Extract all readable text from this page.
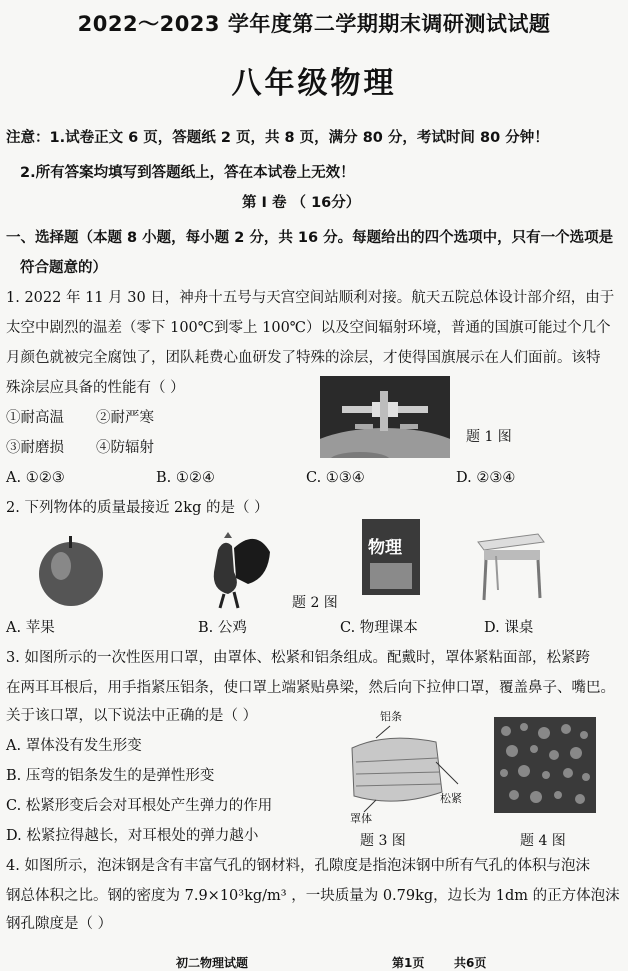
2022～2023 学年度第二学期期末调研测试试题
八年级物理
注意：1.试卷正文 6 页，答题纸 2 页，共 8 页，满分 80 分，考试时间 80 分钟！
2.所有答案均填写到答题纸上，答在本试卷上无效！
第 I 卷 （ 16分）
一、选择题（本题 8 小题，每小题 2 分，共 16 分。每题给出的四个选项中，只有一个选项是
符合题意的）
1. 2022 年 11 月 30 日，神舟十五号与天宫空间站顺利对接。航天五院总体设计部介绍，由于
太空中剧烈的温差（零下 100℃到零上 100℃）以及空间辐射环境，普通的国旗可能过个几个
月颜色就被完全腐蚀了，团队耗费心血研发了特殊的涂层，才使得国旗展示在人们面前。该特
殊涂层应具备的性能有（ ）
①耐高温 ②耐严寒
③耐磨损 ④防辐射
题 1 图
A. ①②③	B. ①②④	C. ①③④	D. ②③④
2. 下列物体的质量最接近 2kg 的是（ ）
物理
题 2 图
A. 苹果	B. 公鸡	C. 物理课本	D. 课桌
3. 如图所示的一次性医用口罩，由罩体、松紧和铝条组成。配戴时，罩体紧粘面部，松紧跨
在两耳耳根后，用手指紧压铝条，使口罩上端紧贴鼻梁，然后向下拉伸口罩，覆盖鼻子、嘴巴。
关于该口罩，以下说法中正确的是（ ）
A. 罩体没有发生形变
B. 压弯的铝条发生的是弹性形变
C. 松紧形变后会对耳根处产生弹力的作用
D. 松紧拉得越长，对耳根处的弹力越小
铝条
罩体
松紧
题 3 图	题 4 图
4. 如图所示，泡沫钢是含有丰富气孔的钢材料，孔隙度是指泡沫钢中所有气孔的体积与泡沫
钢总体积之比。钢的密度为 7.9×10³kg/m³ ，一块质量为 0.79kg，边长为 1dm 的正方体泡沫
钢孔隙度是（ ）
初二物理试题	第1页 共6页
